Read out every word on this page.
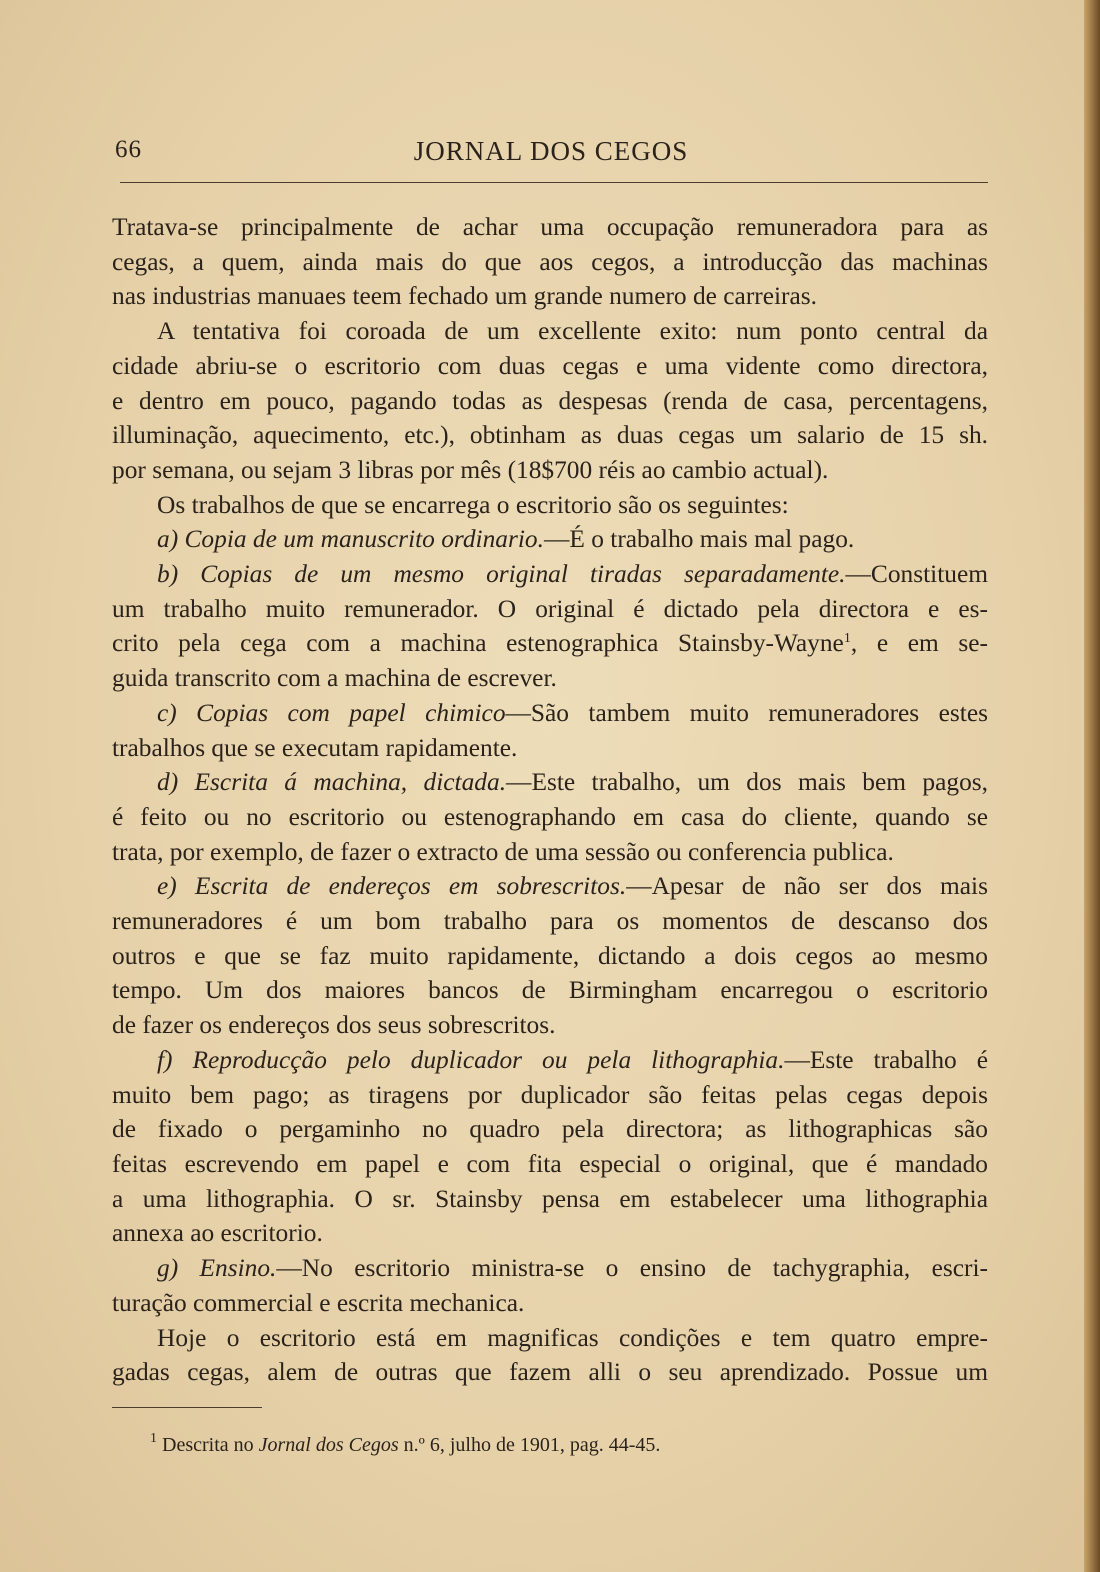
66	JORNAL DOS CEGOS
Tratava-se principalmente de achar uma occupação remuneradora para as
cegas, a quem, ainda mais do que aos cegos, a introducção das machinas
nas industrias manuaes teem fechado um grande numero de carreiras.
A tentativa foi coroada de um excellente exito: num ponto central da
cidade abriu-se o escritorio com duas cegas e uma vidente como directora,
e dentro em pouco, pagando todas as despesas (renda de casa, percentagens,
illuminação, aquecimento, etc.), obtinham as duas cegas um salario de 15 sh.
por semana, ou sejam 3 libras por mês (18$700 réis ao cambio actual).
Os trabalhos de que se encarrega o escritorio são os seguintes:
a) Copia de um manuscrito ordinario.—É o trabalho mais mal pago.
b) Copias de um mesmo original tiradas separadamente.—Constituem
um trabalho muito remunerador. O original é dictado pela directora e es-
crito pela cega com a machina estenographica Stainsby-Wayne$^1$, e em se-
guida transcrito com a machina de escrever.
c) Copias com papel chimico—São tambem muito remuneradores estes
trabalhos que se executam rapidamente.
d) Escrita á machina, dictada.—Este trabalho, um dos mais bem pagos,
é feito ou no escritorio ou estenographando em casa do cliente, quando se
trata, por exemplo, de fazer o extracto de uma sessão ou conferencia publica.
e) Escrita de endereços em sobrescritos.—Apesar de não ser dos mais
remuneradores é um bom trabalho para os momentos de descanso dos
outros e que se faz muito rapidamente, dictando a dois cegos ao mesmo
tempo. Um dos maiores bancos de Birmingham encarregou o escritorio
de fazer os endereços dos seus sobrescritos.
f) Reproducção pelo duplicador ou pela lithographia.—Este trabalho é
muito bem pago; as tiragens por duplicador são feitas pelas cegas depois
de fixado o pergaminho no quadro pela directora; as lithographicas são
feitas escrevendo em papel e com fita especial o original, que é mandado
a uma lithographia. O sr. Stainsby pensa em estabelecer uma lithographia
annexa ao escritorio.
g) Ensino.—No escritorio ministra-se o ensino de tachygraphia, escri-
turação commercial e escrita mechanica.
Hoje o escritorio está em magnificas condições e tem quatro empre-
gadas cegas, alem de outras que fazem alli o seu aprendizado. Possue um
$^1$ Descrita no Jornal dos Cegos n.º 6, julho de 1901, pag. 44-45.
